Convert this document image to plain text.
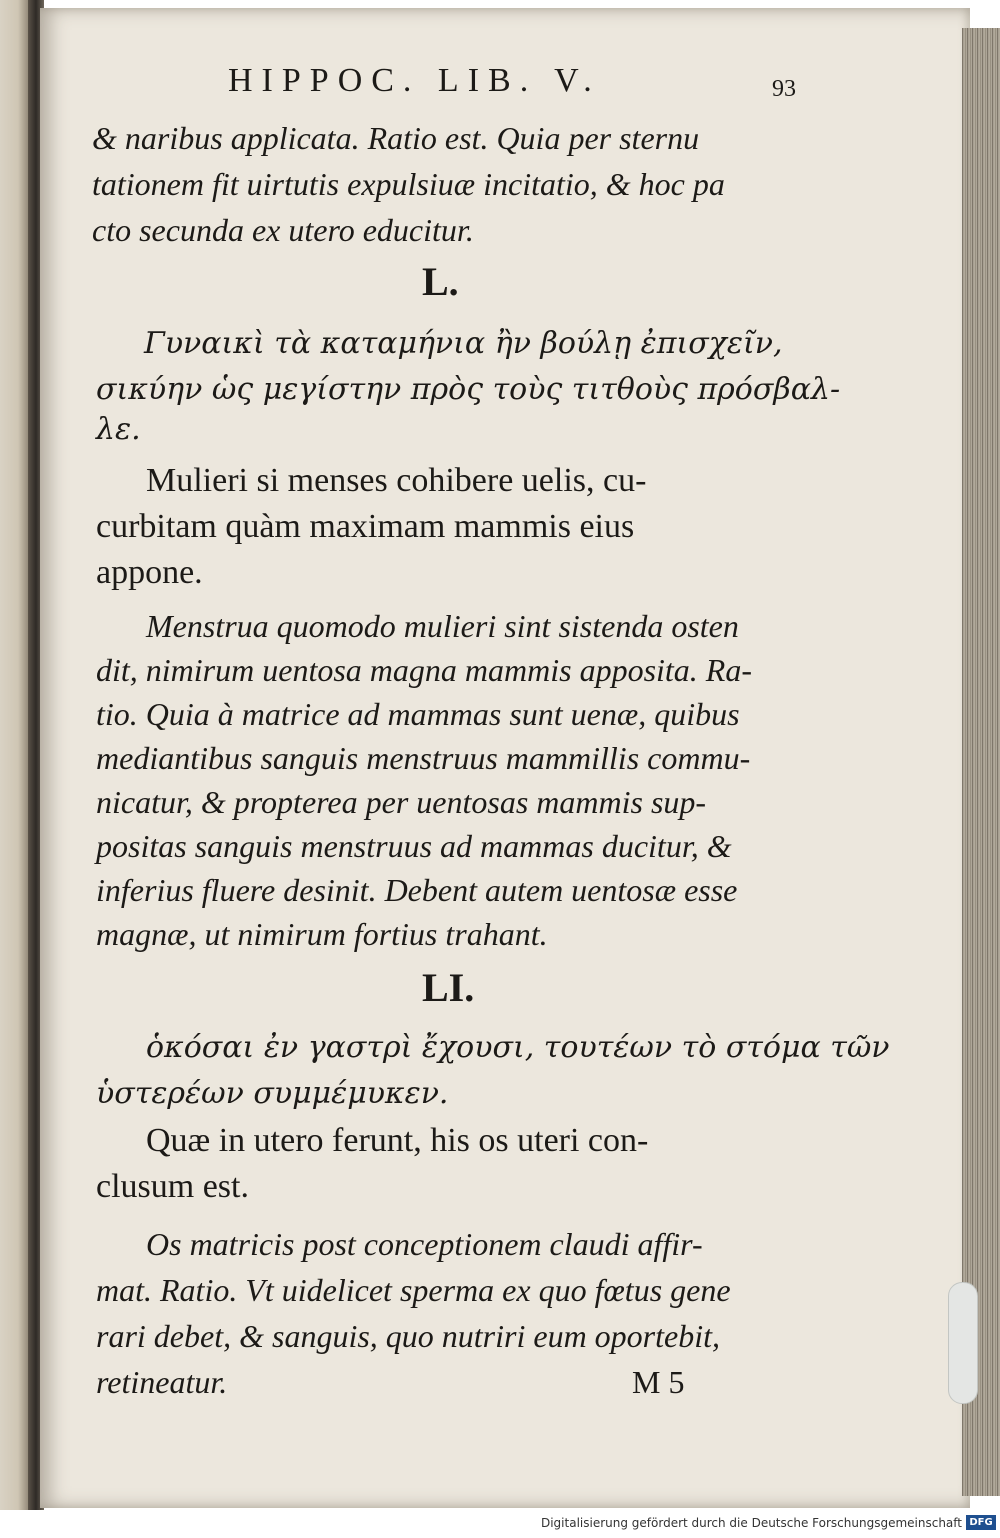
HIPPOC. LIB. V.	93
& naribus applicata. Ratio est. Quia per sternu
tationem fit uirtutis expulsiuæ incitatio, & hoc pa
cto secunda ex utero educitur.
L.
Γυναικὶ τὰ καταμήνια ἢν βούλῃ ἐπισχεῖν,
σικύην ὡς μεγίστην πρὸς τοὺς τιτθοὺς πρόσβαλ-
λε.
Mulieri si menses cohibere uelis, cu-
curbitam quàm maximam mammis eius
appone.
Menstrua quomodo mulieri sint sistenda osten
dit, nimirum uentosa magna mammis apposita. Ra-
tio. Quia à matrice ad mammas sunt uenæ, quibus
mediantibus sanguis menstruus mammillis commu-
nicatur, & propterea per uentosas mammis sup-
positas sanguis menstruus ad mammas ducitur, &
inferius fluere desinit. Debent autem uentosæ esse
magnæ, ut nimirum fortius trahant.
LI.
ὁκόσαι ἐν γαστρὶ ἔχουσι, τουτέων τὸ στόμα τῶν
ὑστερέων συμμέμυκεν.
Quæ in utero ferunt, his os uteri con-
clusum est.
Os matricis post conceptionem claudi affir-
mat. Ratio. Vt uidelicet sperma ex quo fœtus gene
rari debet, & sanguis, quo nutriri eum oportebit,
retineatur.	M 5
Digitalisierung gefördert durch die Deutsche Forschungsgemeinschaft DFG
